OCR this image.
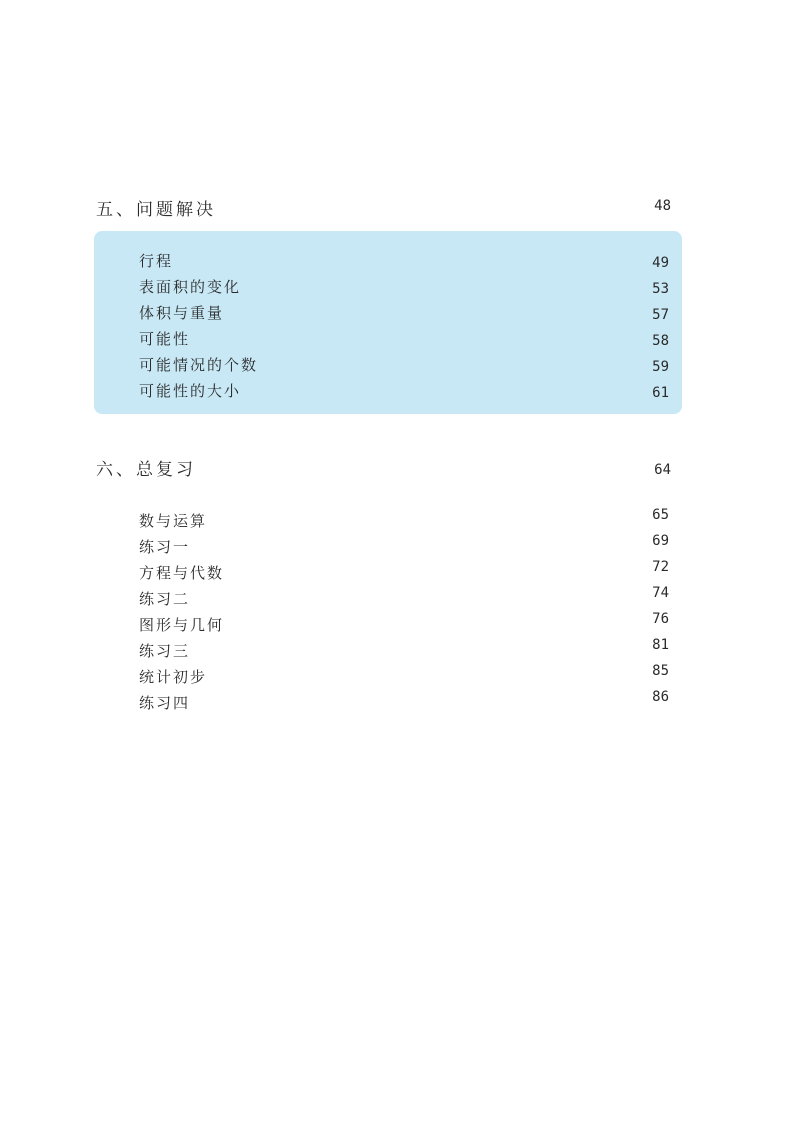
五、问题解决	48
行程	49
表面积的变化	53
体积与重量	57
可能性	58
可能情况的个数	59
可能性的大小	61
六、总复习	64
数与运算	65
练习一	69
方程与代数	72
练习二	74
图形与几何	76
练习三	81
统计初步	85
练习四	86
